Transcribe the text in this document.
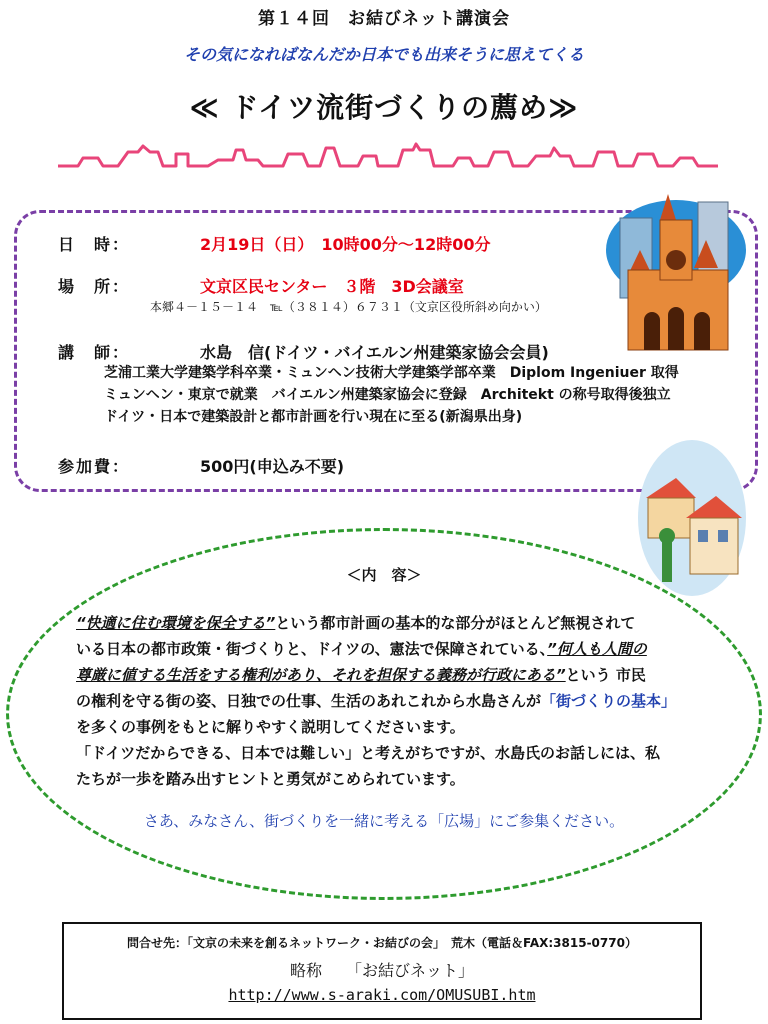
第１４回　お結びネット講演会
その気になればなんだか日本でも出来そうに思えてくる
≪ ドイツ流街づくりの薦め≫
日　時：	2月19日（日）　10時00分～12時00分
場　所：	文京区民センター　３階　3D会議室
本郷４－１５－１４　℡（３８１４）６７３１（文京区役所斜め向かい）
講　師：	水島　信(ドイツ・バイエルン州建築家協会会員)
芝浦工業大学建築学科卒業・ミュンヘン技術大学建築学部卒業　Diplom Ingeniuer 取得
ミュンヘン・東京で就業　バイエルン州建築家協会に登録　Architekt の称号取得後独立
ドイツ・日本で建築設計と都市計画を行い現在に至る(新潟県出身)
参加費：	500円(申込み不要)
＜内　容＞
“快適に住む環境を保全する”という都市計画の基本的な部分がほとんど無視されて
いる日本の都市政策・街づくりと、ドイツの、憲法で保障されている、”何人も人間の
尊厳に値する生活をする権利があり、それを担保する義務が行政にある”という 市民
の権利を守る街の姿、日独での仕事、生活のあれこれから水島さんが「街づくりの基本」
を多くの事例をもとに解りやすく説明してくださいます。
「ドイツだからできる、日本では難しい」と考えがちですが、水島氏のお話しには、私
たちが一歩を踏み出すヒントと勇気がこめられています。
さあ、みなさん、街づくりを一緒に考える「広場」にご参集ください。
問合せ先：「文京の未来を創るネットワーク・お結びの会」　荒木（電話＆FAX:3815-0770）
略称　　「お結びネット」
http://www.s-araki.com/OMUSUBI.htm
